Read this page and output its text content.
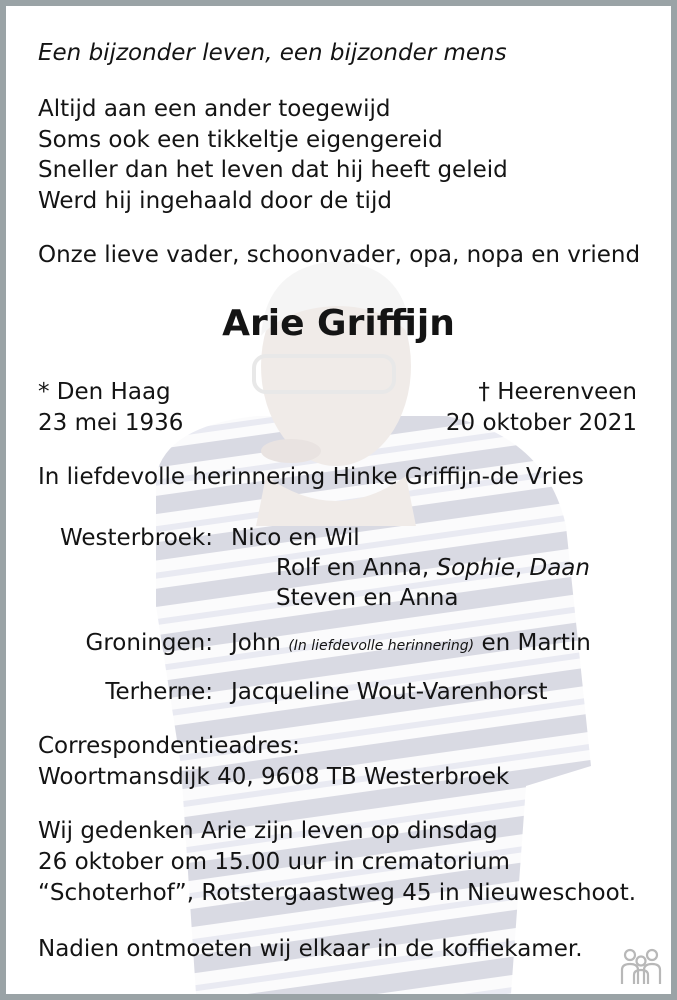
Een bijzonder leven, een bijzonder mens
Altijd aan een ander toegewijd
Soms ook een tikkeltje eigengereid
Sneller dan het leven dat hij heeft geleid
Werd hij ingehaald door de tijd
Onze lieve vader, schoonvader, opa, nopa en vriend
Arie Griffijn
* Den Haag
23 mei 1936
† Heerenveen
20 oktober 2021
In liefdevolle herinnering Hinke Griffijn-de Vries
Westerbroek: Nico en Wil
Rolf en Anna, Sophie, Daan
Steven en Anna
Groningen: John (In liefdevolle herinnering) en Martin
Terherne: Jacqueline Wout-Varenhorst
Correspondentieadres:
Woortmansdijk 40, 9608 TB Westerbroek
Wij gedenken Arie zijn leven op dinsdag
26 oktober om 15.00 uur in crematorium
“Schoterhof”, Rotstergaastweg 45 in Nieuweschoot.
Nadien ontmoeten wij elkaar in de koffiekamer.
